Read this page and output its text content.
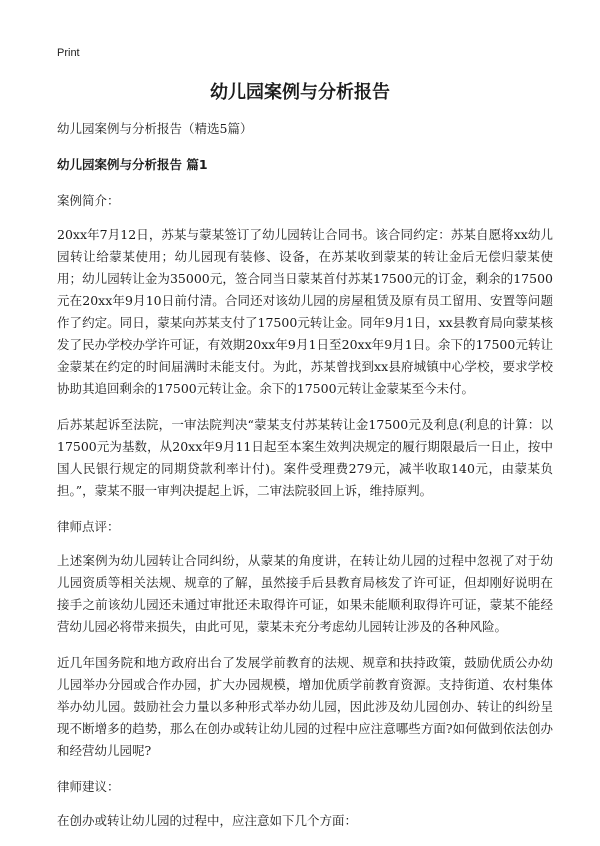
Print
幼儿园案例与分析报告

幼儿园案例与分析报告（精选5篇）

幼儿园案例与分析报告 篇1

案例简介：

20xx年7月12日，苏某与蒙某签订了幼儿园转让合同书。该合同约定：苏某自愿将xx幼儿园转让给蒙某使用；幼儿园现有装修、设备，在苏某收到蒙某的转让金后无偿归蒙某使用；幼儿园转让金为35000元，签合同当日蒙某首付苏某17500元的订金，剩余的17500元在20xx年9月10日前付清。合同还对该幼儿园的房屋租赁及原有员工留用、安置等问题作了约定。同日，蒙某向苏某支付了17500元转让金。同年9月1日，xx县教育局向蒙某核发了民办学校办学许可证，有效期20xx年9月1日至20xx年9月1日。余下的17500元转让金蒙某在约定的时间届满时未能支付。为此，苏某曾找到xx县府城镇中心学校，要求学校协助其追回剩余的17500元转让金。余下的17500元转让金蒙某至今未付。

后苏某起诉至法院，一审法院判决“蒙某支付苏某转让金17500元及利息(利息的计算：以17500元为基数，从20xx年9月11日起至本案生效判决规定的履行期限最后一日止，按中国人民银行规定的同期贷款利率计付)。案件受理费279元，减半收取140元，由蒙某负担。”，蒙某不服一审判决提起上诉，二审法院驳回上诉，维持原判。

律师点评：

上述案例为幼儿园转让合同纠纷，从蒙某的角度讲，在转让幼儿园的过程中忽视了对于幼儿园资质等相关法规、规章的了解，虽然接手后县教育局核发了许可证，但却刚好说明在接手之前该幼儿园还未通过审批还未取得许可证，如果未能顺利取得许可证，蒙某不能经营幼儿园必将带来损失，由此可见，蒙某未充分考虑幼儿园转让涉及的各种风险。

近几年国务院和地方政府出台了发展学前教育的法规、规章和扶持政策，鼓励优质公办幼儿园举办分园或合作办园，扩大办园规模，增加优质学前教育资源。支持街道、农村集体举办幼儿园。鼓励社会力量以多种形式举办幼儿园，因此涉及幼儿园创办、转让的纠纷呈现不断增多的趋势，那么在创办或转让幼儿园的过程中应注意哪些方面?如何做到依法创办和经营幼儿园呢?

律师建议：

在创办或转让幼儿园的过程中，应注意如下几个方面：
